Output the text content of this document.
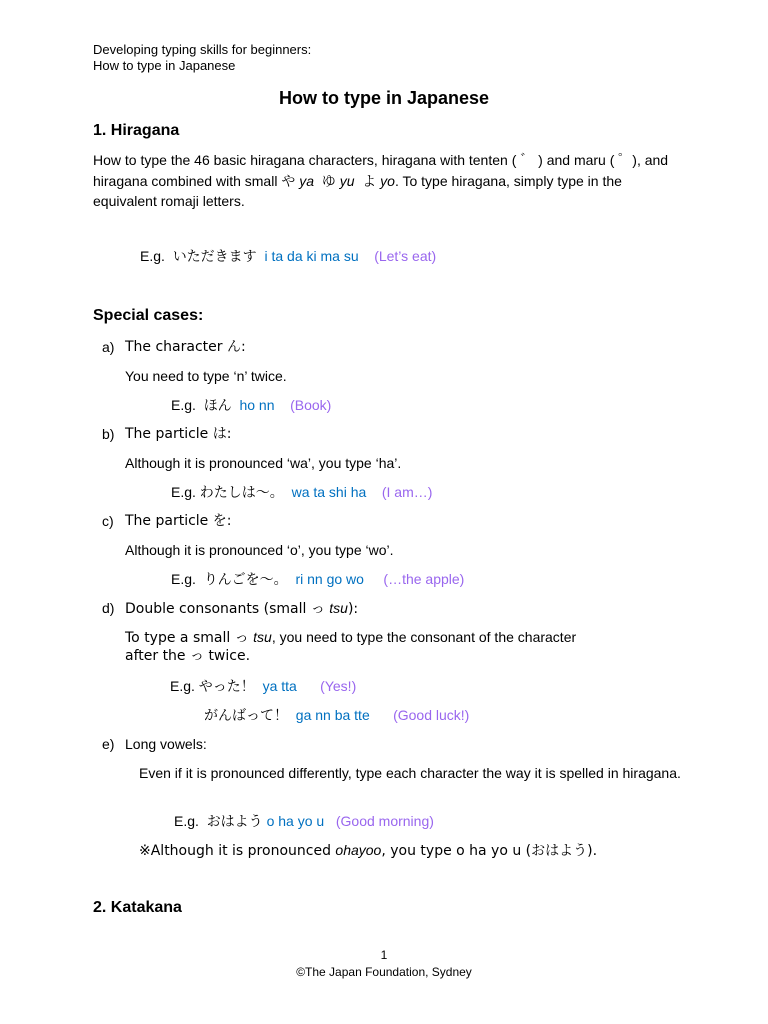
Developing typing skills for beginners:
How to type in Japanese
How to type in Japanese
1. Hiragana
How to type the 46 basic hiragana characters, hiragana with tenten ( ゛ ) and maru ( ゜), and hiragana combined with small や ya ゆ yu よ yo. To type hiragana, simply type in the equivalent romaji letters.
E.g. いただきます i ta da ki ma su (Let’s eat)
Special cases:
a) The character ん:
You need to type ‘n’ twice.
E.g. ほん ho nn (Book)
b) The particle は:
Although it is pronounced ‘wa’, you type ‘ha’.
E.g. わたしは〜。 wa ta shi ha (I am…)
c) The particle を:
Although it is pronounced ‘o’, you type ‘wo’.
E.g. りんごを〜。 ri nn go wo (…the apple)
d) Double consonants (small っ tsu):
To type a small っ tsu, you need to type the consonant of the character
after the っ twice.
E.g. やった！ ya tta (Yes!)
がんばって！ ga nn ba tte (Good luck!)
e) Long vowels:
Even if it is pronounced differently, type each character the way it is spelled in hiragana.
E.g. おはよう o ha yo u (Good morning)
※Although it is pronounced ohayoo, you type o ha yo u (おはよう).
2. Katakana
1
©The Japan Foundation, Sydney
